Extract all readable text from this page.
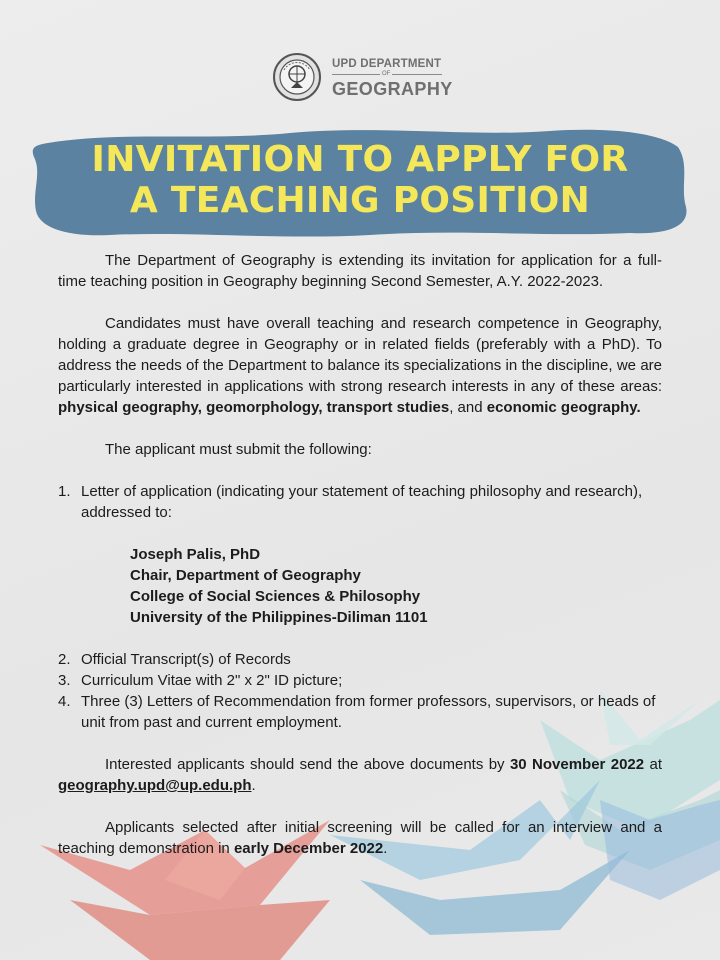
UPD DEPARTMENT
OF
GEOGRAPHY
INVITATION TO APPLY FOR
A TEACHING POSITION

The Department of Geography is extending its invitation for application for a full-time teaching position in Geography beginning Second Semester, A.Y. 2022-2023.

Candidates must have overall teaching and research competence in Geography, holding a graduate degree in Geography or in related fields (preferably with a PhD). To address the needs of the Department to balance its specializations in the discipline, we are particularly interested in applications with strong research interests in any of these areas: physical geography, geomorphology, transport studies, and economic geography.

The applicant must submit the following:

1. Letter of application (indicating your statement of teaching philosophy and research), addressed to:
Joseph Palis, PhD
Chair, Department of Geography
College of Social Sciences & Philosophy
University of the Philippines-Diliman 1101
2. Official Transcript(s) of Records
3. Curriculum Vitae with 2" x 2" ID picture;
4. Three (3) Letters of Recommendation from former professors, supervisors, or heads of unit from past and current employment.

Interested applicants should send the above documents by 30 November 2022 at geography.upd@up.edu.ph.

Applicants selected after initial screening will be called for an interview and a teaching demonstration in early December 2022.
